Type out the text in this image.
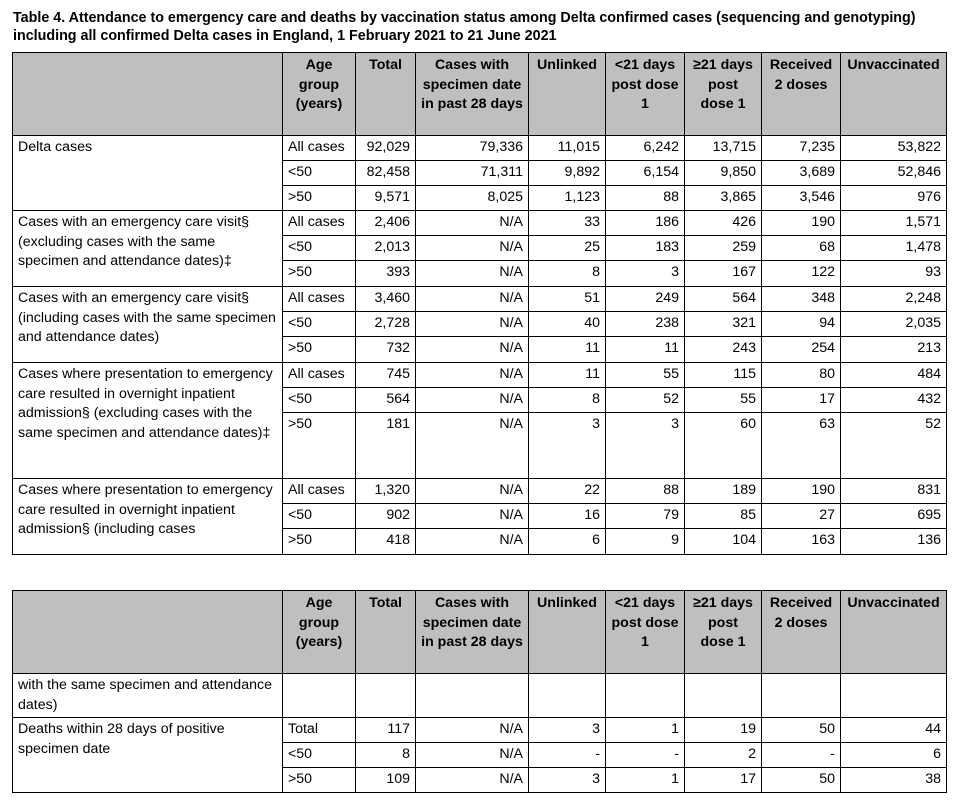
Table 4. Attendance to emergency care and deaths by vaccination status among Delta confirmed cases (sequencing and genotyping) including all confirmed Delta cases in England, 1 February 2021 to 21 June 2021
	Age group (years)	Total	Cases with specimen date in past 28 days	Unlinked	<21 days post dose 1	≥21 days post dose 1	Received 2 doses	Unvaccinated
Delta cases	All cases	92,029	79,336	11,015	6,242	13,715	7,235	53,822
	<50	82,458	71,311	9,892	6,154	9,850	3,689	52,846
	>50	9,571	8,025	1,123	88	3,865	3,546	976
Cases with an emergency care visit§ (excluding cases with the same specimen and attendance dates)‡	All cases	2,406	N/A	33	186	426	190	1,571
	<50	2,013	N/A	25	183	259	68	1,478
	>50	393	N/A	8	3	167	122	93
Cases with an emergency care visit§ (including cases with the same specimen and attendance dates)	All cases	3,460	N/A	51	249	564	348	2,248
	<50	2,728	N/A	40	238	321	94	2,035
	>50	732	N/A	11	11	243	254	213
Cases where presentation to emergency care resulted in overnight inpatient admission§ (excluding cases with the same specimen and attendance dates)‡	All cases	745	N/A	11	55	115	80	484
	<50	564	N/A	8	52	55	17	432
	>50	181	N/A	3	3	60	63	52
Cases where presentation to emergency care resulted in overnight inpatient admission§ (including cases	All cases	1,320	N/A	22	88	189	190	831
	<50	902	N/A	16	79	85	27	695
	>50	418	N/A	6	9	104	163	136
	Age group (years)	Total	Cases with specimen date in past 28 days	Unlinked	<21 days post dose 1	≥21 days post dose 1	Received 2 doses	Unvaccinated
with the same specimen and attendance dates)								
Deaths within 28 days of positive specimen date	Total	117	N/A	3	1	19	50	44
	<50	8	N/A	-	-	2	-	6
	>50	109	N/A	3	1	17	50	38
